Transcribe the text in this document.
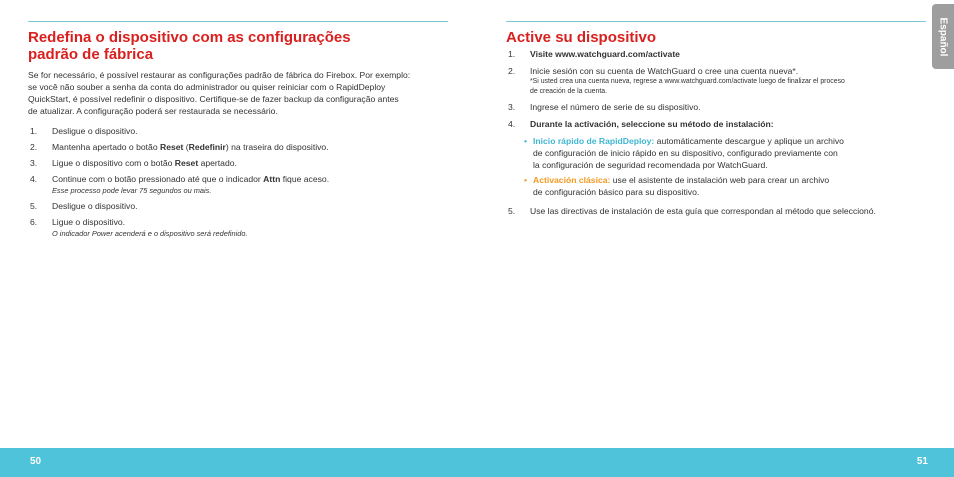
Español
Redefina o dispositivo com as configurações
padrão de fábrica

Se for necessário, é possível restaurar as configurações padrão de fábrica do Firebox. Por exemplo:
se você não souber a senha da conta do administrador ou quiser reiniciar com o RapidDeploy
QuickStart, é possível redefinir o dispositivo. Certifique-se de fazer backup da configuração antes
de atualizar. A configuração poderá ser restaurada se necessário.

1. Desligue o dispositivo.
2. Mantenha apertado o botão Reset (Redefinir) na traseira do dispositivo.
3. Ligue o dispositivo com o botão Reset apertado.
4. Continue com o botão pressionado até que o indicador Attn fique aceso.
Esse processo pode levar 75 segundos ou mais.
5. Desligue o dispositivo.
6. Ligue o dispositivo.
O indicador Power acenderá e o dispositivo será redefinido.
Active su dispositivo
1. Visite www.watchguard.com/activate
2. Inicie sesión con su cuenta de WatchGuard o cree una cuenta nueva*.
*Si usted crea una cuenta nueva, regrese a www.watchguard.com/activate luego de finalizar el proceso
de creación de la cuenta.
3. Ingrese el número de serie de su dispositivo.
4. Durante la activación, seleccione su método de instalación:
• Inicio rápido de RapidDeploy: automáticamente descargue y aplique un archivo
de configuración de inicio rápido en su dispositivo, configurado previamente con
la configuración de seguridad recomendada por WatchGuard.
• Activación clásica: use el asistente de instalación web para crear un archivo
de configuración básico para su dispositivo.
5. Use las directivas de instalación de esta guía que correspondan al método que seleccionó.
50	51
